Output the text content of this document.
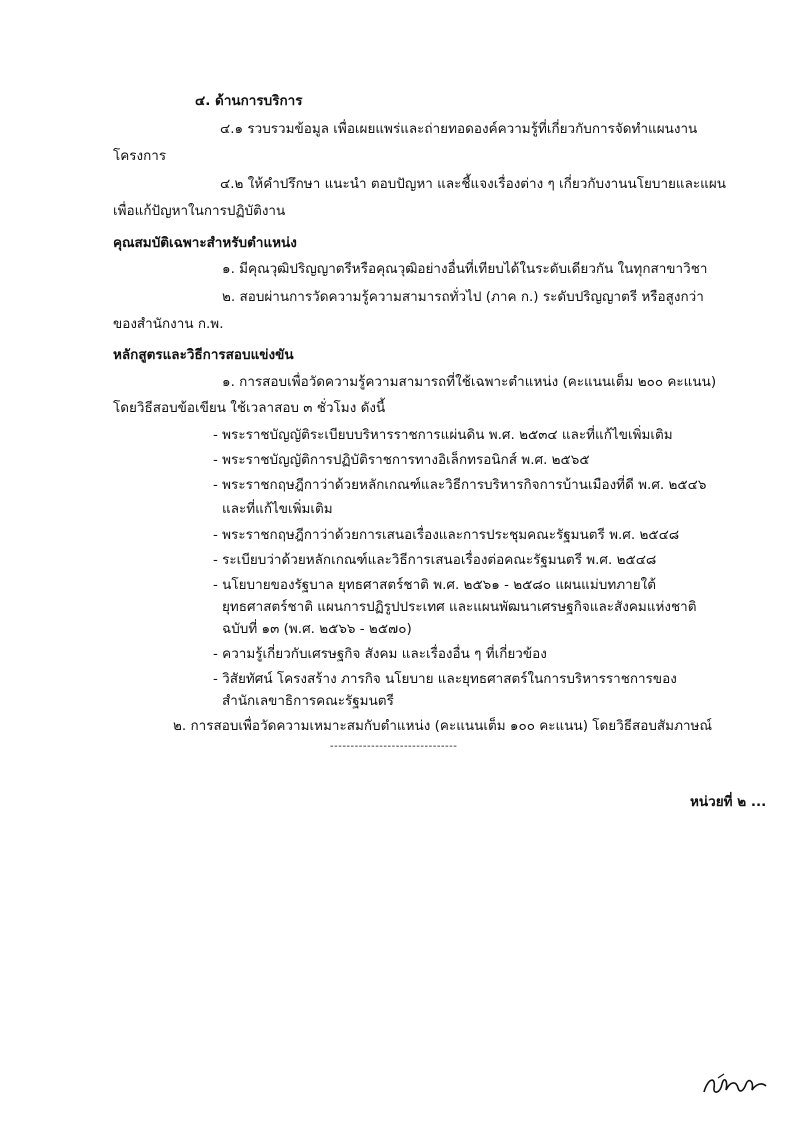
๔. ด้านการบริการ
๔.๑ รวบรวมข้อมูล เพื่อเผยแพร่และถ่ายทอดองค์ความรู้ที่เกี่ยวกับการจัดทำแผนงาน
โครงการ
๔.๒ ให้คำปรึกษา แนะนำ ตอบปัญหา และชี้แจงเรื่องต่าง ๆ เกี่ยวกับงานนโยบายและแผน
เพื่อแก้ปัญหาในการปฏิบัติงาน
คุณสมบัติเฉพาะสำหรับตำแหน่ง
๑. มีคุณวุฒิปริญญาตรีหรือคุณวุฒิอย่างอื่นที่เทียบได้ในระดับเดียวกัน ในทุกสาขาวิชา
๒. สอบผ่านการวัดความรู้ความสามารถทั่วไป (ภาค ก.) ระดับปริญญาตรี หรือสูงกว่า
ของสำนักงาน ก.พ.
หลักสูตรและวิธีการสอบแข่งขัน
๑. การสอบเพื่อวัดความรู้ความสามารถที่ใช้เฉพาะตำแหน่ง (คะแนนเต็ม ๒๐๐ คะแนน)
โดยวิธีสอบข้อเขียน ใช้เวลาสอบ ๓ ชั่วโมง ดังนี้
- พระราชบัญญัติระเบียบบริหารราชการแผ่นดิน พ.ศ. ๒๕๓๔ และที่แก้ไขเพิ่มเติม
- พระราชบัญญัติการปฏิบัติราชการทางอิเล็กทรอนิกส์ พ.ศ. ๒๕๖๕
- พระราชกฤษฎีกาว่าด้วยหลักเกณฑ์และวิธีการบริหารกิจการบ้านเมืองที่ดี พ.ศ. ๒๕๔๖
และที่แก้ไขเพิ่มเติม
- พระราชกฤษฎีกาว่าด้วยการเสนอเรื่องและการประชุมคณะรัฐมนตรี พ.ศ. ๒๕๔๘
- ระเบียบว่าด้วยหลักเกณฑ์และวิธีการเสนอเรื่องต่อคณะรัฐมนตรี พ.ศ. ๒๕๔๘
- นโยบายของรัฐบาล ยุทธศาสตร์ชาติ พ.ศ. ๒๕๖๑ - ๒๕๘๐ แผนแม่บทภายใต้
ยุทธศาสตร์ชาติ แผนการปฏิรูปประเทศ และแผนพัฒนาเศรษฐกิจและสังคมแห่งชาติ
ฉบับที่ ๑๓ (พ.ศ. ๒๕๖๖ - ๒๕๗๐)
- ความรู้เกี่ยวกับเศรษฐกิจ สังคม และเรื่องอื่น ๆ ที่เกี่ยวข้อง
- วิสัยทัศน์ โครงสร้าง ภารกิจ นโยบาย และยุทธศาสตร์ในการบริหารราชการของ
สำนักเลขาธิการคณะรัฐมนตรี
๒. การสอบเพื่อวัดความเหมาะสมกับตำแหน่ง (คะแนนเต็ม ๑๐๐ คะแนน) โดยวิธีสอบสัมภาษณ์
-------------------------------
หน่วยที่ ๒ ...
